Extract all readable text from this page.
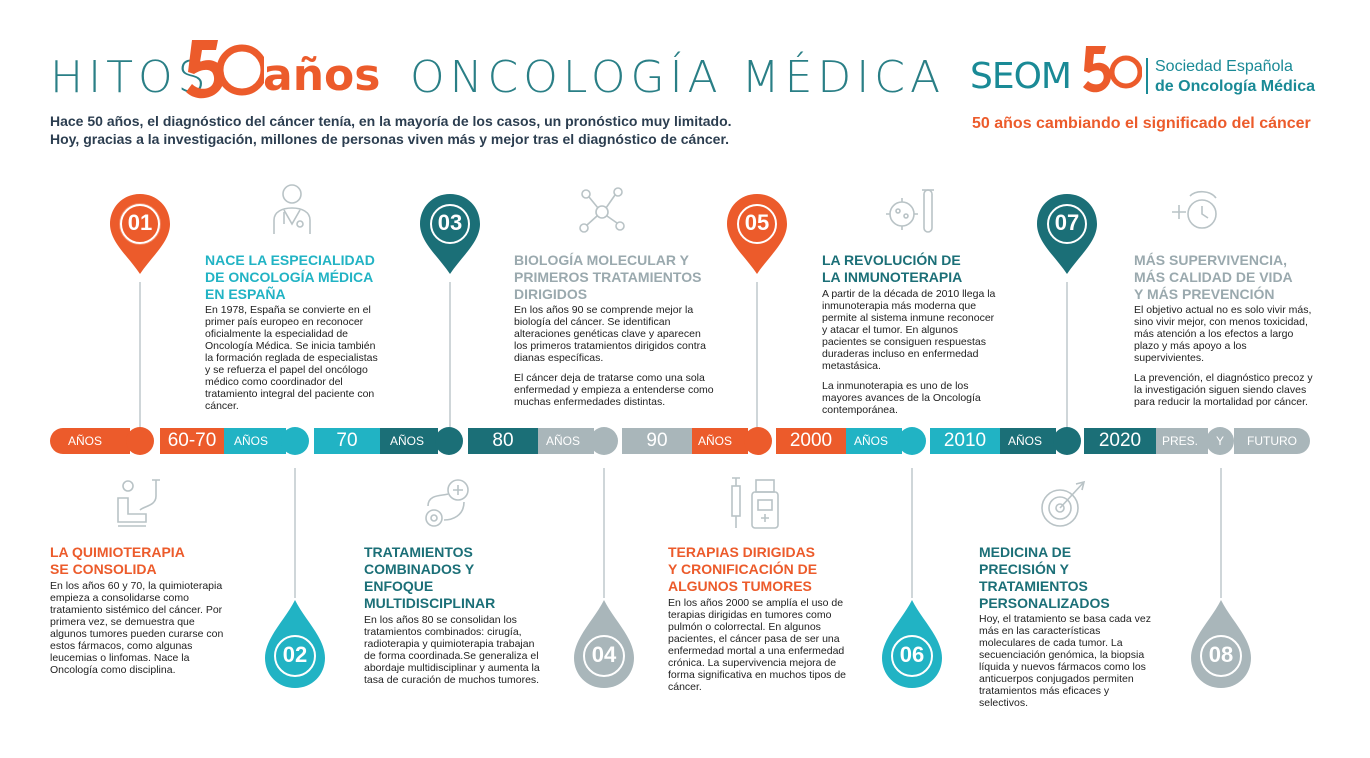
HITOS años ONCOLOGÍA MÉDICA
Hace 50 años, el diagnóstico del cáncer tenía, en la mayoría de los casos, un pronóstico muy limitado.
Hoy, gracias a la investigación, millones de personas viven más y mejor tras el diagnóstico de cáncer.
SEOM	Sociedad Española
de Oncología Médica
50 años cambiando el significado del cáncer
AÑOS	60-70 AÑOS	70	AÑOS	80	AÑOS	90	AÑOS	2000 AÑOS	2010 AÑOS	2020 PRES. Y FUTURO
01	03	05	07
02	04	06	08
NACE LA ESPECIALIDAD
DE ONCOLOGÍA MÉDICA
EN ESPAÑA

En 1978, España se convierte en el primer país europeo en reconocer oficialmente la especialidad de Oncología Médica. Se inicia también la formación reglada de especialistas y se refuerza el papel del oncólogo médico como coordinador del tratamiento integral del paciente con cáncer.

BIOLOGÍA MOLECULAR Y
PRIMEROS TRATAMIENTOS
DIRIGIDOS

En los años 90 se comprende mejor la biología del cáncer. Se identifican alteraciones genéticas clave y aparecen los primeros tratamientos dirigidos contra dianas específicas.

El cáncer deja de tratarse como una sola enfermedad y empieza a entenderse como muchas enfermedades distintas.

LA REVOLUCIÓN DE
LA INMUNOTERAPIA

A partir de la década de 2010 llega la inmunoterapia más moderna que permite al sistema inmune reconocer y atacar el tumor. En algunos pacientes se consiguen respuestas duraderas incluso en enfermedad metastásica.

La inmunoterapia es uno de los mayores avances de la Oncología contemporánea.

MÁS SUPERVIVENCIA,
MÁS CALIDAD DE VIDA
Y MÁS PREVENCIÓN

El objetivo actual no es solo vivir más, sino vivir mejor, con menos toxicidad, más atención a los efectos a largo plazo y más apoyo a los supervivientes.

La prevención, el diagnóstico precoz y la investigación siguen siendo claves para reducir la mortalidad por cáncer.

LA QUIMIOTERAPIA
SE CONSOLIDA

En los años 60 y 70, la quimioterapia empieza a consolidarse como tratamiento sistémico del cáncer. Por primera vez, se demuestra que algunos tumores pueden curarse con estos fármacos, como algunas leucemias o linfomas. Nace la Oncología como disciplina.

TRATAMIENTOS
COMBINADOS Y
ENFOQUE
MULTIDISCIPLINAR

En los años 80 se consolidan los tratamientos combinados: cirugía, radioterapia y quimioterapia trabajan de forma coordinada.Se generaliza el abordaje multidisciplinar y aumenta la tasa de curación de muchos tumores.

TERAPIAS DIRIGIDAS
Y CRONIFICACIÓN DE
ALGUNOS TUMORES

En los años 2000 se amplía el uso de terapias dirigidas en tumores como pulmón o colorrectal. En algunos pacientes, el cáncer pasa de ser una enfermedad mortal a una enfermedad crónica. La supervivencia mejora de forma significativa en muchos tipos de cáncer.

MEDICINA DE
PRECISIÓN Y
TRATAMIENTOS
PERSONALIZADOS

Hoy, el tratamiento se basa cada vez más en las características moleculares de cada tumor. La secuenciación genómica, la biopsia líquida y nuevos fármacos como los anticuerpos conjugados permiten tratamientos más eficaces y selectivos.
